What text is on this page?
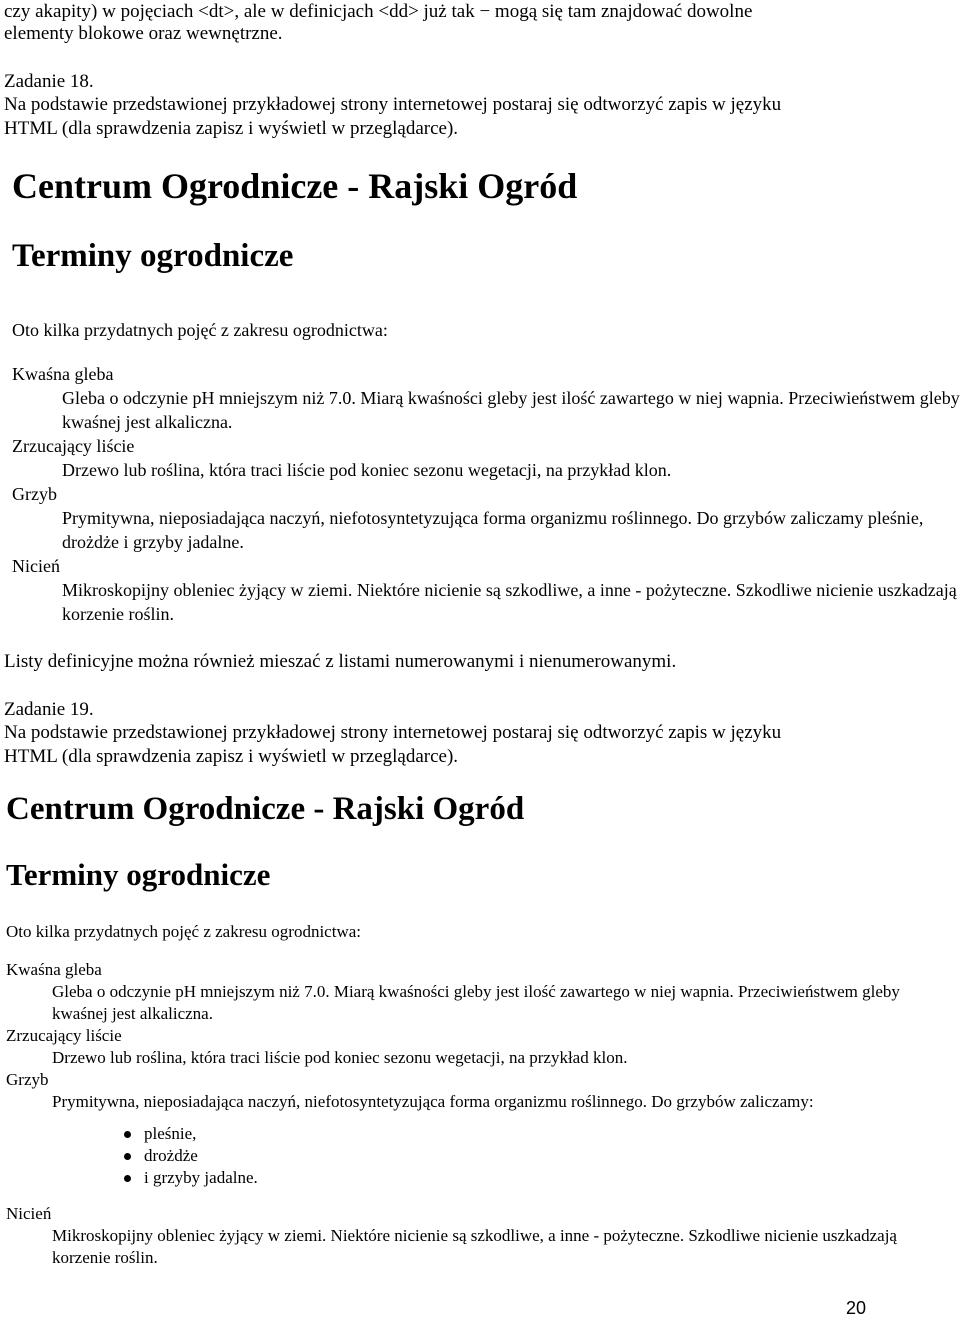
czy akapity) w pojęciach <dt>, ale w definicjach <dd> już tak − mogą się tam znajdować dowolne
elementy blokowe oraz wewnętrzne.
Zadanie 18.
Na podstawie przedstawionej przykładowej strony internetowej postaraj się odtworzyć zapis w języku
HTML (dla sprawdzenia zapisz i wyświetl w przeglądarce).
Centrum Ogrodnicze - Rajski Ogród
Terminy ogrodnicze

Oto kilka przydatnych pojęć z zakresu ogrodnictwa:

Kwaśna gleba
Gleba o odczynie pH mniejszym niż 7.0. Miarą kwaśności gleby jest ilość zawartego w niej wapnia. Przeciwieństwem gleby kwaśnej jest alkaliczna.
Zrzucający liście
Drzewo lub roślina, która traci liście pod koniec sezonu wegetacji, na przykład klon.
Grzyb
Prymitywna, nieposiadająca naczyń, niefotosyntetyzująca forma organizmu roślinnego. Do grzybów zaliczamy pleśnie, drożdże i grzyby jadalne.
Nicień
Mikroskopijny obleniec żyjący w ziemi. Niektóre nicienie są szkodliwe, a inne - pożyteczne. Szkodliwe nicienie uszkadzają korzenie roślin.
Listy definicyjne można również mieszać z listami numerowanymi i nienumerowanymi.
Zadanie 19.
Na podstawie przedstawionej przykładowej strony internetowej postaraj się odtworzyć zapis w języku
HTML (dla sprawdzenia zapisz i wyświetl w przeglądarce).
Centrum Ogrodnicze - Rajski Ogród
Terminy ogrodnicze

Oto kilka przydatnych pojęć z zakresu ogrodnictwa:

Kwaśna gleba
Gleba o odczynie pH mniejszym niż 7.0. Miarą kwaśności gleby jest ilość zawartego w niej wapnia. Przeciwieństwem gleby kwaśnej jest alkaliczna.
Zrzucający liście
Drzewo lub roślina, która traci liście pod koniec sezonu wegetacji, na przykład klon.
Grzyb
Prymitywna, nieposiadająca naczyń, niefotosyntetyzująca forma organizmu roślinnego. Do grzybów zaliczamy:
pleśnie,
drożdże
i grzyby jadalne.
Nicień
Mikroskopijny obleniec żyjący w ziemi. Niektóre nicienie są szkodliwe, a inne - pożyteczne. Szkodliwe nicienie uszkadzają korzenie roślin.
20
